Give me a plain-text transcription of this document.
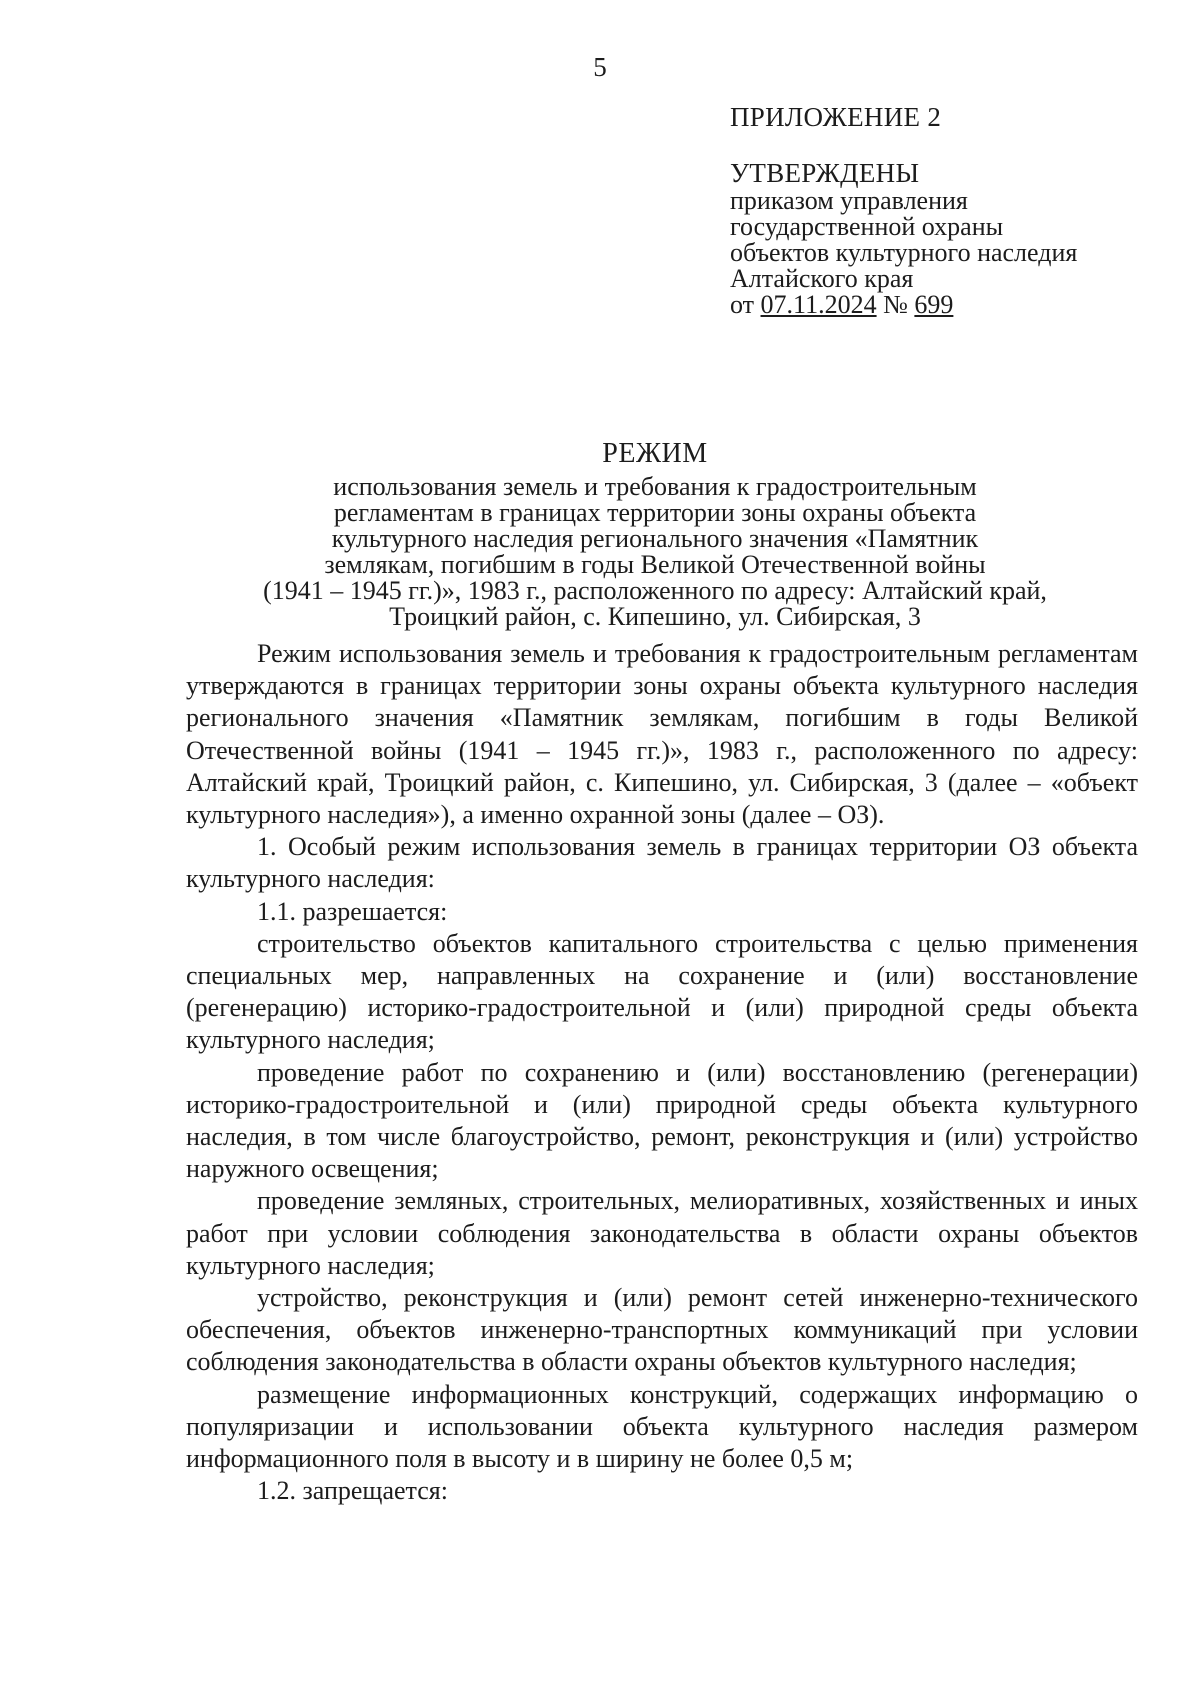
5

ПРИЛОЖЕНИЕ 2

УТВЕРЖДЕНЫ

приказом управления

государственной охраны

объектов культурного наследия

Алтайского края

от 07.11.2024 № 699

РЕЖИМ

использования земель и требования к градостроительным

регламентам в границах территории зоны охраны объекта

культурного наследия регионального значения «Памятник

землякам, погибшим в годы Великой Отечественной войны

(1941 – 1945 гг.)», 1983 г., расположенного по адресу: Алтайский край,

Троицкий район, с. Кипешино, ул. Сибирская, 3

Режим использования земель и требования к градостроительным регламентам утверждаются в границах территории зоны охраны объекта культурного наследия регионального значения «Памятник землякам, погибшим в годы Великой Отечественной войны (1941 – 1945 гг.)», 1983 г., расположенного по адресу: Алтайский край, Троицкий район, с. Кипешино, ул. Сибирская, 3 (далее – «объект культурного наследия»), а именно охранной зоны (далее – ОЗ).

1. Особый режим использования земель в границах территории ОЗ объекта культурного наследия:

1.1. разрешается:

строительство объектов капитального строительства с целью применения специальных мер, направленных на сохранение и (или) восстановление (регенерацию) историко-градостроительной и (или) природной среды объекта культурного наследия;

проведение работ по сохранению и (или) восстановлению (регенерации) историко-градостроительной и (или) природной среды объекта культурного наследия, в том числе благоустройство, ремонт, реконструкция и (или) устройство наружного освещения;

проведение земляных, строительных, мелиоративных, хозяйственных и иных работ при условии соблюдения законодательства в области охраны объектов культурного наследия;

устройство, реконструкция и (или) ремонт сетей инженерно-технического обеспечения, объектов инженерно-транспортных коммуникаций при условии соблюдения законодательства в области охраны объектов культурного наследия;

размещение информационных конструкций, содержащих информацию о популяризации и использовании объекта культурного наследия размером информационного поля в высоту и в ширину не более 0,5 м;

1.2. запрещается:
